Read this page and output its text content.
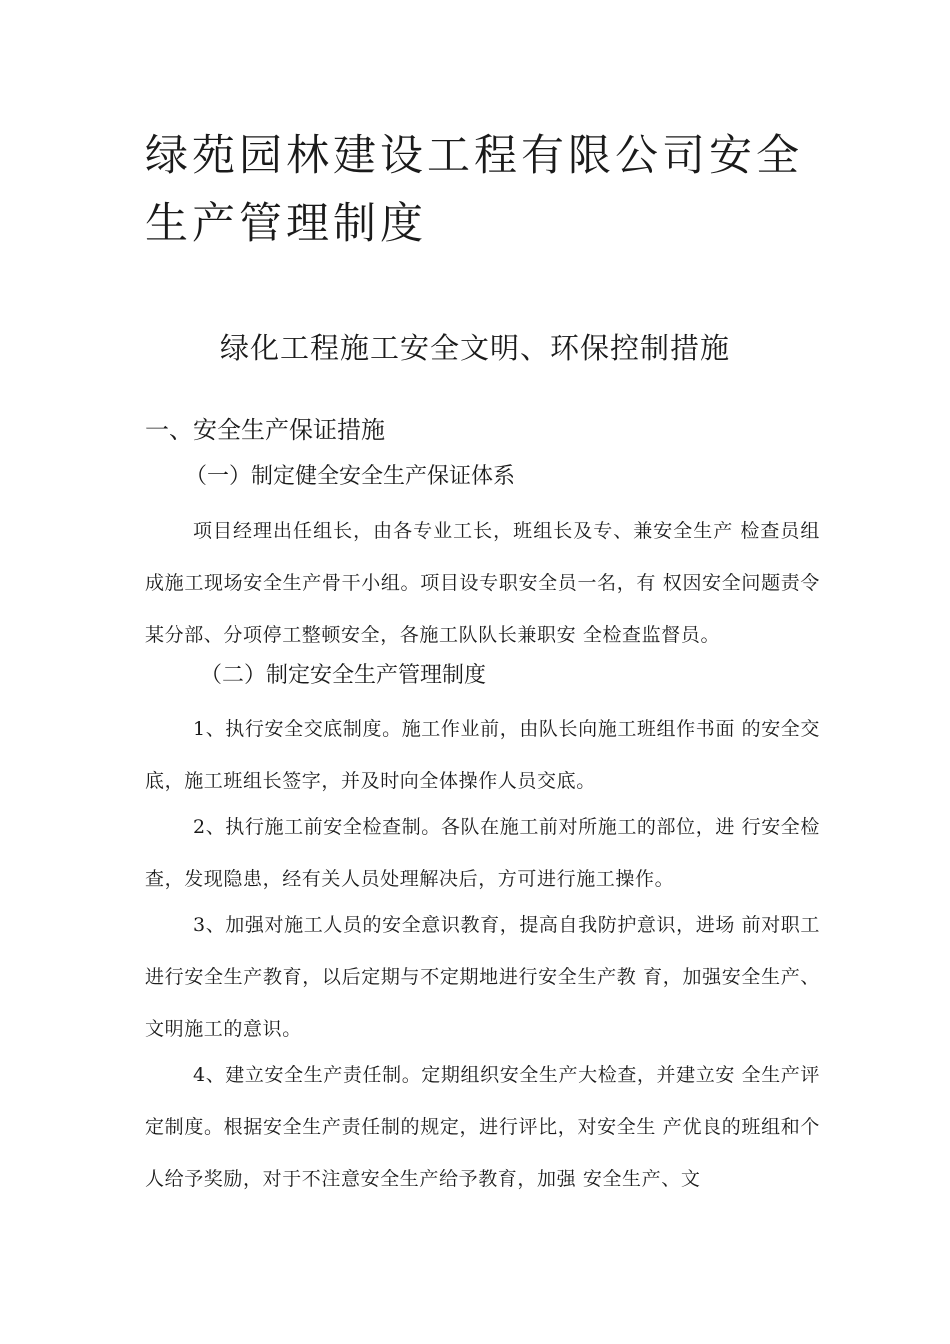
绿苑园林建设工程有限公司安全生产管理制度
绿化工程施工安全文明、环保控制措施
一、安全生产保证措施
（一）制定健全安全生产保证体系

项目经理出任组长，由各专业工长，班组长及专、兼安全生产 检查员组成施工现场安全生产骨干小组。项目设专职安全员一名，有 权因安全问题责令某分部、分项停工整顿安全，各施工队队长兼职安 全检查监督员。

（二）制定安全生产管理制度

1、执行安全交底制度。施工作业前，由队长向施工班组作书面 的安全交底，施工班组长签字，并及时向全体操作人员交底。

2、执行施工前安全检查制。各队在施工前对所施工的部位，进 行安全检查，发现隐患，经有关人员处理解决后，方可进行施工操作。

3、加强对施工人员的安全意识教育，提高自我防护意识，进场 前对职工进行安全生产教育，以后定期与不定期地进行安全生产教 育，加强安全生产、文明施工的意识。

4、建立安全生产责任制。定期组织安全生产大检查，并建立安 全生产评定制度。根据安全生产责任制的规定，进行评比，对安全生 产优良的班组和个人给予奖励，对于不注意安全生产给予教育，加强 安全生产、文
